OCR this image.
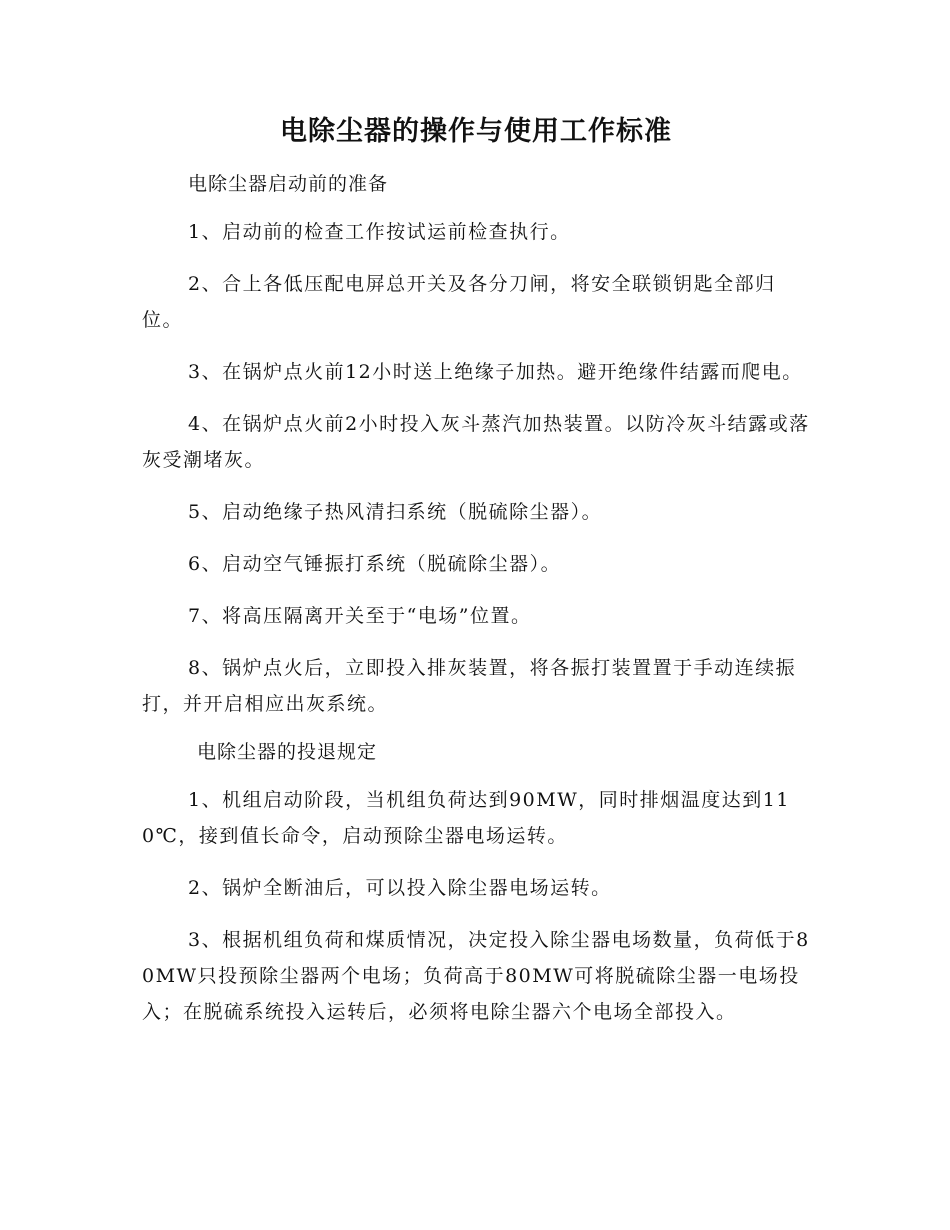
电除尘器的操作与使用工作标准

电除尘器启动前的准备

1、启动前的检查工作按试运前检查执行。

2、合上各低压配电屏总开关及各分刀闸，将安全联锁钥匙全部归位。

3、在锅炉点火前12小时送上绝缘子加热。避开绝缘件结露而爬电。

4、在锅炉点火前2小时投入灰斗蒸汽加热装置。以防冷灰斗结露或落灰受潮堵灰。

5、启动绝缘子热风清扫系统（脱硫除尘器）。

6、启动空气锤振打系统（脱硫除尘器）。

7、将高压隔离开关至于“电场”位置。

8、锅炉点火后，立即投入排灰装置，将各振打装置置于手动连续振打，并开启相应出灰系统。

电除尘器的投退规定

1、机组启动阶段，当机组负荷达到90MW，同时排烟温度达到110℃，接到值长命令，启动预除尘器电场运转。

2、锅炉全断油后，可以投入除尘器电场运转。

3、根据机组负荷和煤质情况，决定投入除尘器电场数量，负荷低于80MW只投预除尘器两个电场；负荷高于80MW可将脱硫除尘器一电场投入；在脱硫系统投入运转后，必须将电除尘器六个电场全部投入。
